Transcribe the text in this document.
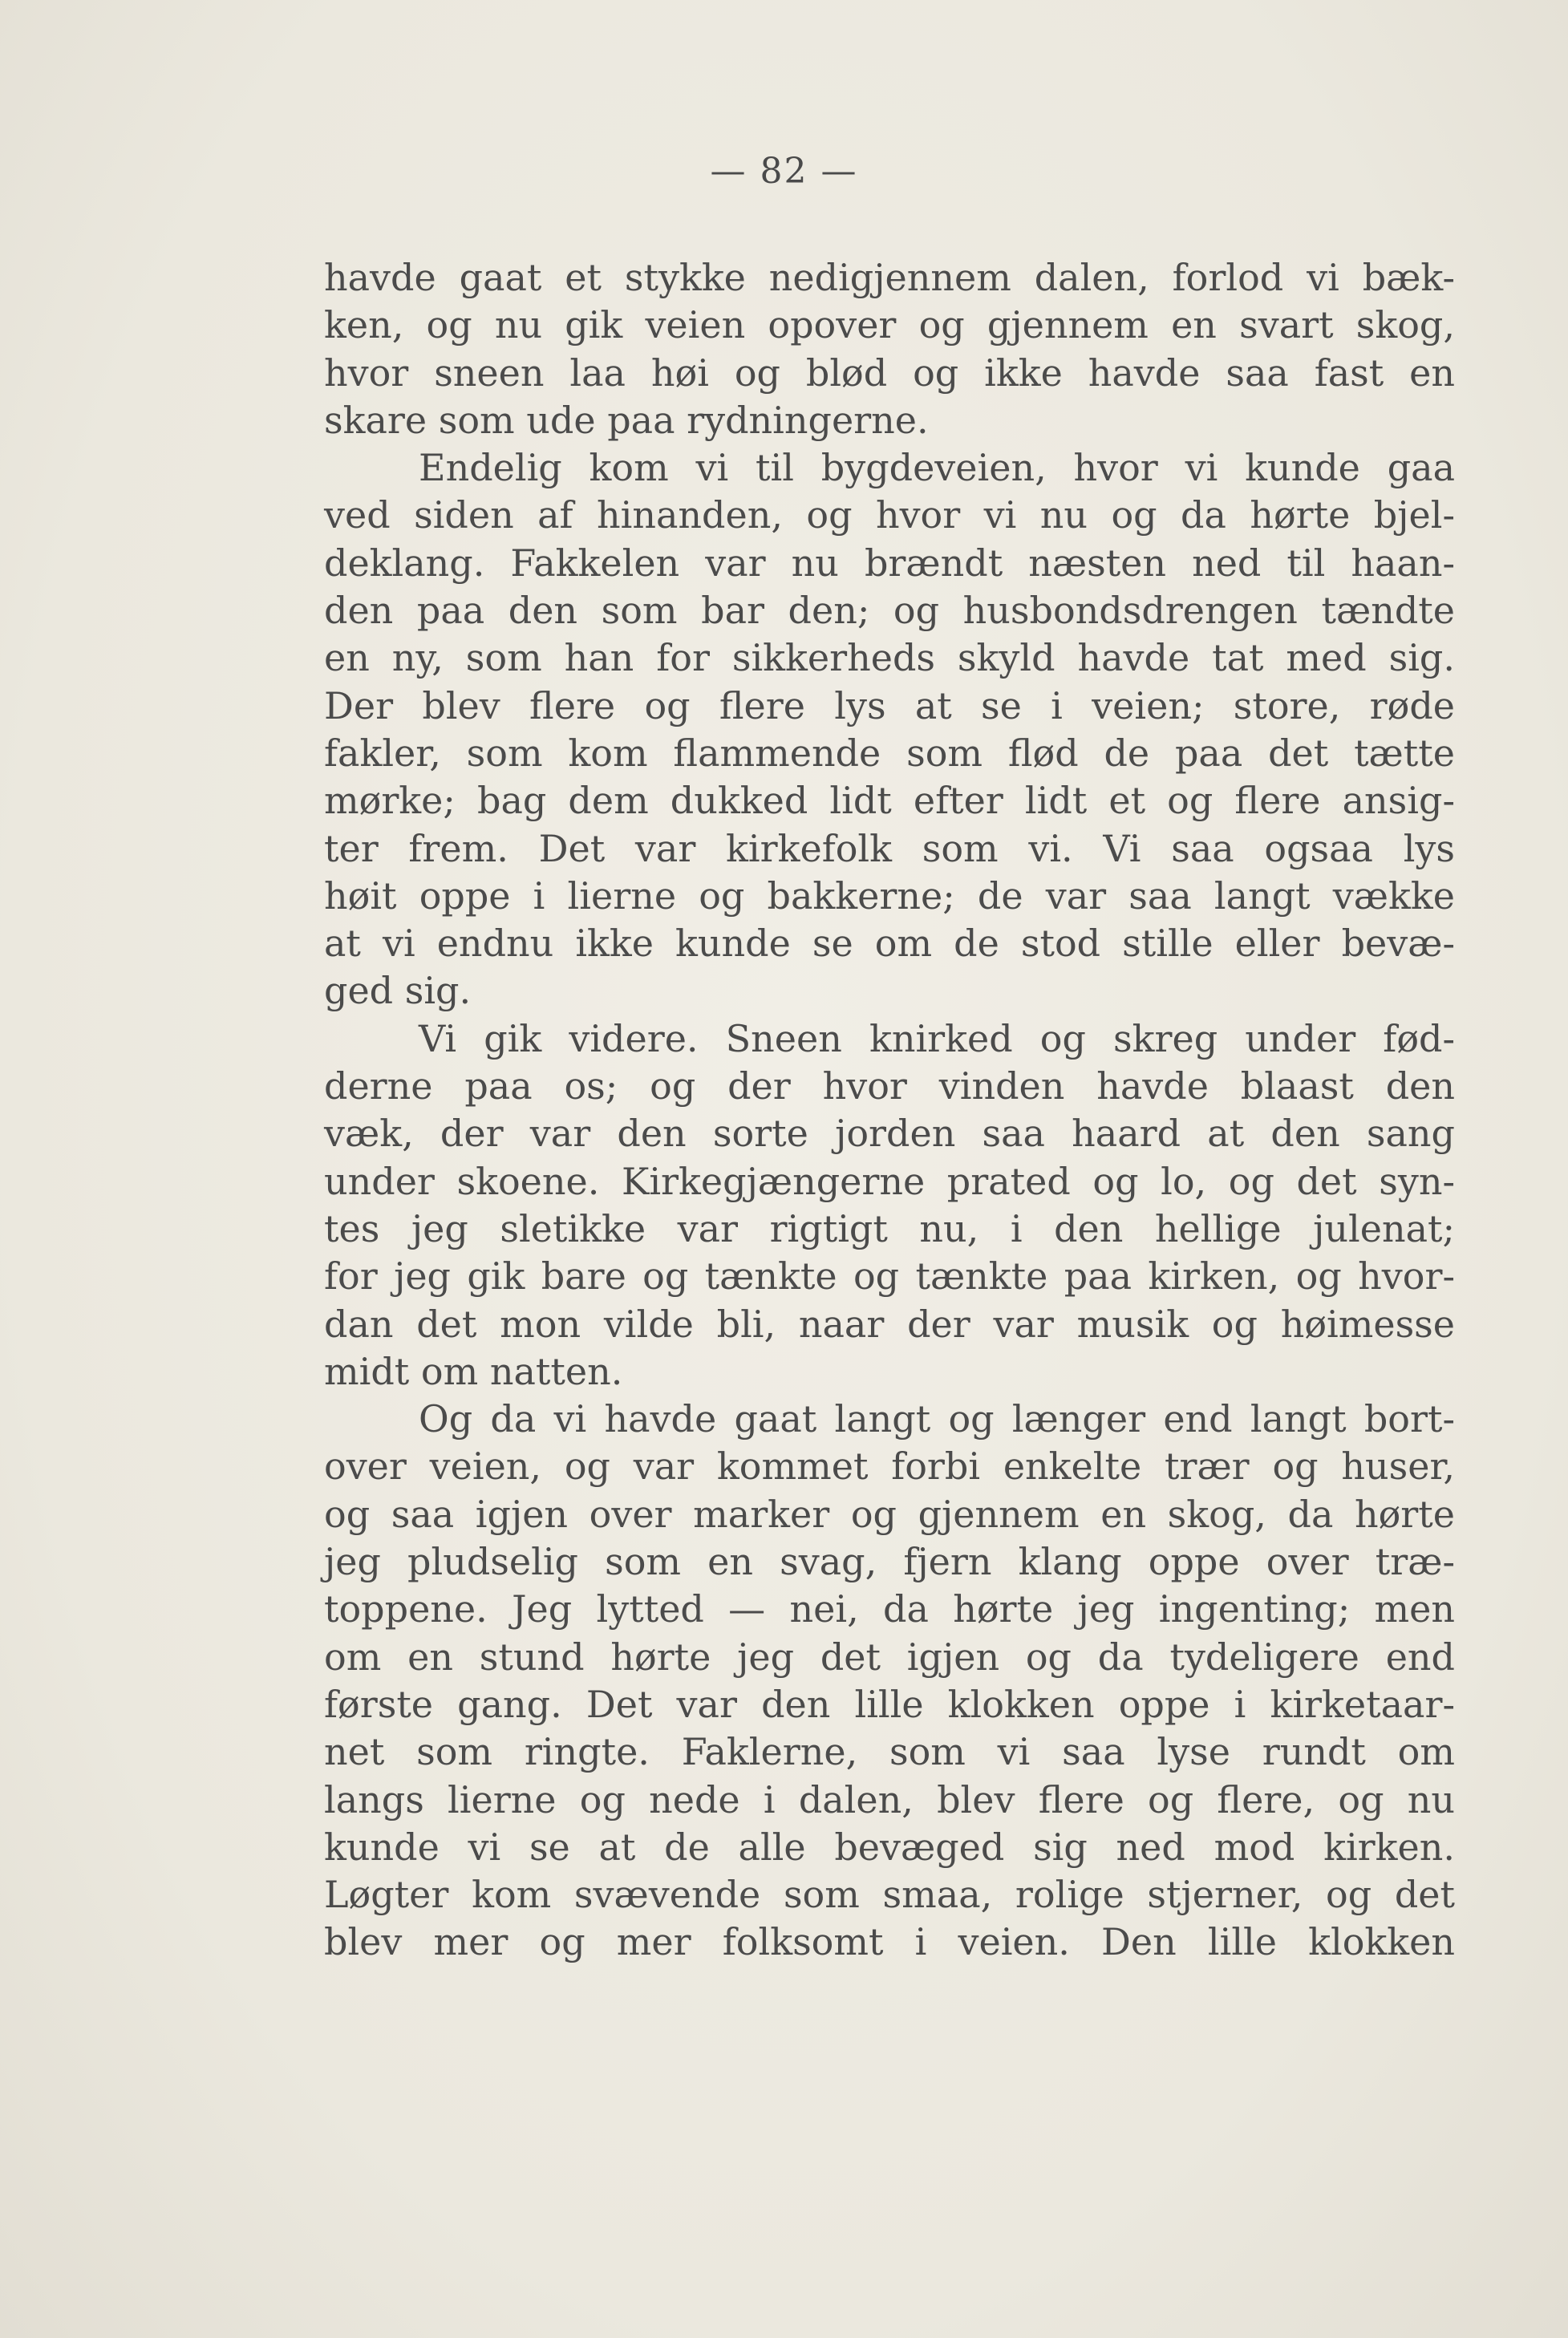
— 82 —
havde gaat et stykke nedigjennem dalen, forlod vi bæk-
ken, og nu gik veien opover og gjennem en svart skog,
hvor sneen laa høi og blød og ikke havde saa fast en
skare som ude paa rydningerne.
Endelig kom vi til bygdeveien, hvor vi kunde gaa
ved siden af hinanden, og hvor vi nu og da hørte bjel-
deklang. Fakkelen var nu brændt næsten ned til haan-
den paa den som bar den; og husbondsdrengen tændte
en ny, som han for sikkerheds skyld havde tat med sig.
Der blev flere og flere lys at se i veien; store, røde
fakler, som kom flammende som flød de paa det tætte
mørke; bag dem dukked lidt efter lidt et og flere ansig-
ter frem. Det var kirkefolk som vi. Vi saa ogsaa lys
høit oppe i lierne og bakkerne; de var saa langt vække
at vi endnu ikke kunde se om de stod stille eller bevæ-
ged sig.
Vi gik videre. Sneen knirked og skreg under fød-
derne paa os; og der hvor vinden havde blaast den
væk, der var den sorte jorden saa haard at den sang
under skoene. Kirkegjængerne prated og lo, og det syn-
tes jeg sletikke var rigtigt nu, i den hellige julenat;
for jeg gik bare og tænkte og tænkte paa kirken, og hvor-
dan det mon vilde bli, naar der var musik og høimesse
midt om natten.
Og da vi havde gaat langt og længer end langt bort-
over veien, og var kommet forbi enkelte trær og huser,
og saa igjen over marker og gjennem en skog, da hørte
jeg pludselig som en svag, fjern klang oppe over træ-
toppene. Jeg lytted — nei, da hørte jeg ingenting; men
om en stund hørte jeg det igjen og da tydeligere end
første gang. Det var den lille klokken oppe i kirketaar-
net som ringte. Faklerne, som vi saa lyse rundt om
langs lierne og nede i dalen, blev flere og flere, og nu
kunde vi se at de alle bevæged sig ned mod kirken.
Løgter kom svævende som smaa, rolige stjerner, og det
blev mer og mer folksomt i veien. Den lille klokken
